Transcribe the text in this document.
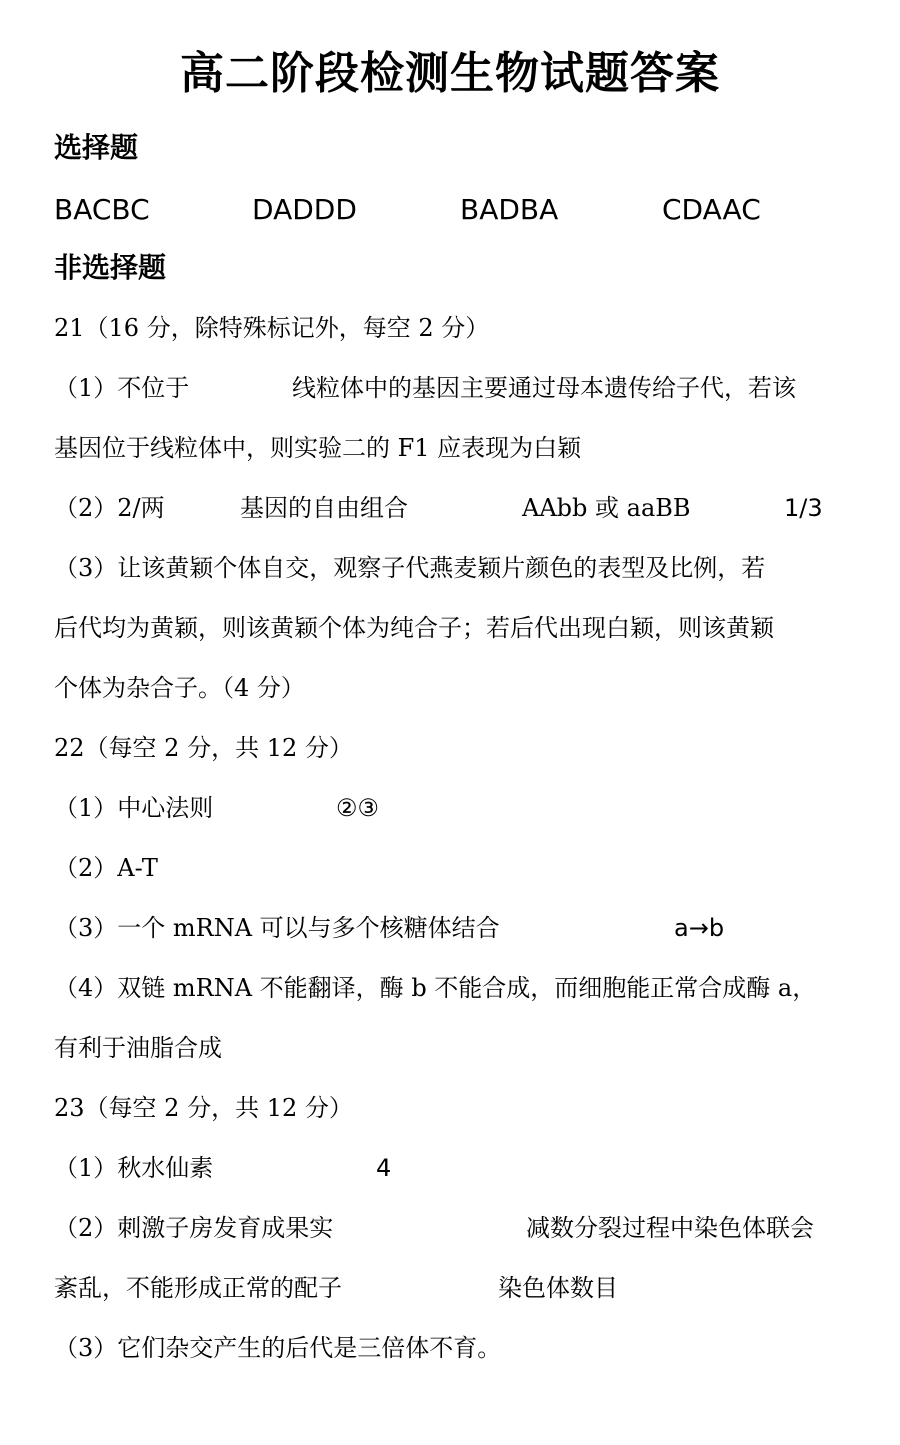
高二阶段检测生物试题答案
选择题
BACBC	DADDD	BADBA	CDAAC
非选择题
21（16 分，除特殊标记外，每空 2 分）
（1）不位于	线粒体中的基因主要通过母本遗传给子代，若该
基因位于线粒体中，则实验二的 F1 应表现为白颖
（2）2/两	基因的自由组合	AAbb 或 aaBB	1/3
（3）让该黄颖个体自交，观察子代燕麦颖片颜色的表型及比例，若
后代均为黄颖，则该黄颖个体为纯合子；若后代出现白颖，则该黄颖
个体为杂合子。（4 分）
22（每空 2 分，共 12 分）
（1）中心法则	②③
（2）A-T
（3）一个 mRNA 可以与多个核糖体结合	a→b
（4）双链 mRNA 不能翻译，酶 b 不能合成，而细胞能正常合成酶 a，
有利于油脂合成
23（每空 2 分，共 12 分）
（1）秋水仙素	4
（2）刺激子房发育成果实	减数分裂过程中染色体联会
紊乱，不能形成正常的配子	染色体数目
（3）它们杂交产生的后代是三倍体不育。
